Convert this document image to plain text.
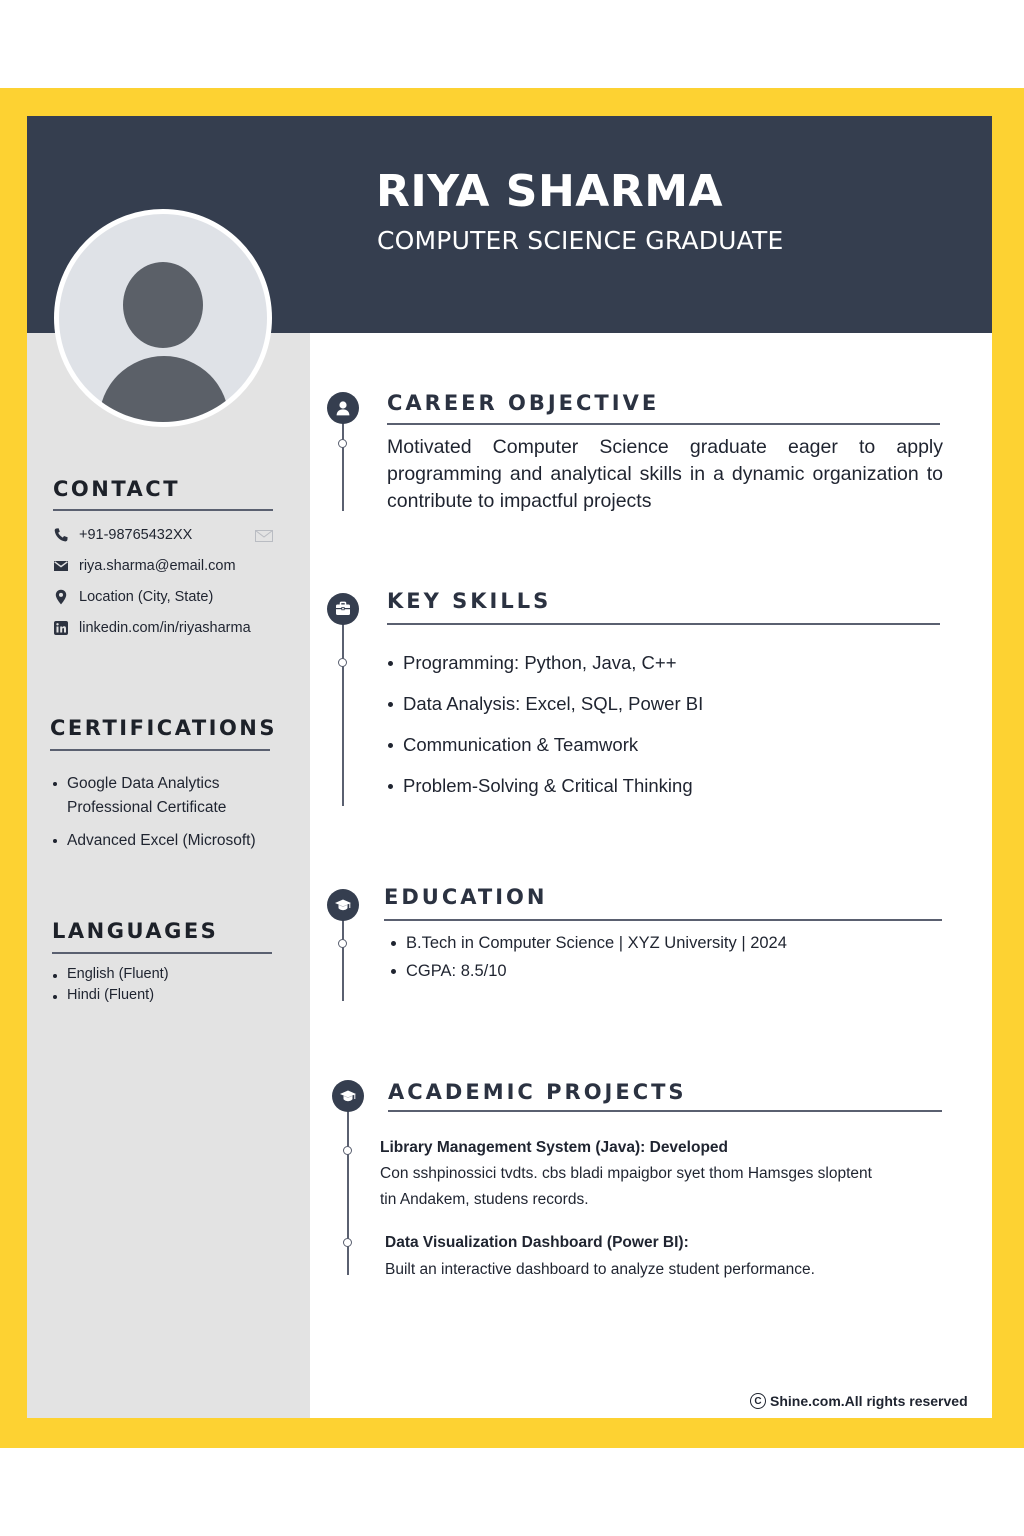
RIYA SHARMA
COMPUTER SCIENCE GRADUATE
CONTACT
+91-98765432XX
riya.sharma@email.com
Location (City, State)
linkedin.com/in/riyasharma
CERTIFICATIONS
Google Data Analytics Professional Certificate
Advanced Excel (Microsoft)
LANGUAGES
English (Fluent)
Hindi (Fluent)
CAREER OBJECTIVE
Motivated Computer Science graduate eager to apply programming and analytical skills in a dynamic organization to contribute to impactful projects
KEY SKILLS
Programming: Python, Java, C++
Data Analysis: Excel, SQL, Power BI
Communication & Teamwork
Problem-Solving & Critical Thinking
EDUCATION
B.Tech in Computer Science | XYZ University | 2024
CGPA: 8.5/10
ACADEMIC PROJECTS
Library Management System (Java): Developed
Con sshpinossici tvdts. cbs bladi mpaigbor syet thom Hamsges sloptent
tin Andakem, studens records.
Data Visualization Dashboard (Power BI):
Built an interactive dashboard to analyze student performance.
C Shine.com.All rights reserved
